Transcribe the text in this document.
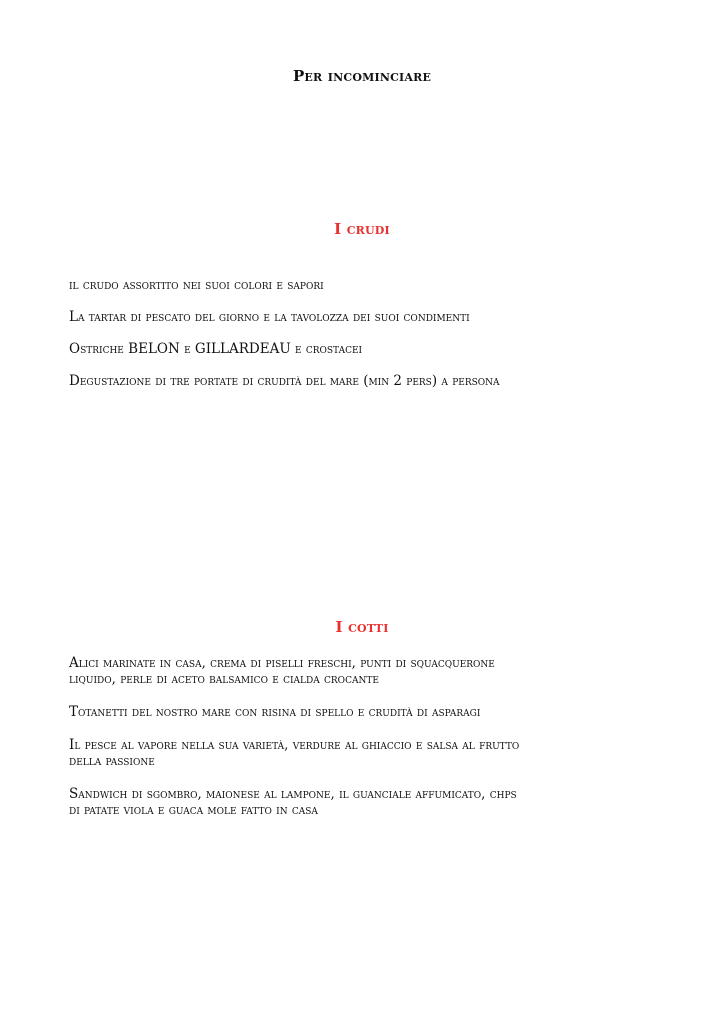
Per incominciare
I crudi
il crudo assortito nei suoi colori e sapori
La tartar di pescato del giorno e la tavolozza dei suoi condimenti
Ostriche BELON e GILLARDEAU e crostacei
Degustazione di tre portate di crudità del mare (min 2 pers) a persona
I cotti
Alici marinate in casa, crema di piselli freschi, punti di squacquerone
liquido, perle di aceto balsamico e cialda crocante
Totanetti del nostro mare con risina di spello e crudità di asparagi
Il pesce al vapore nella sua varietà, verdure al ghiaccio e salsa al frutto
della passione
Sandwich di sgombro, maionese al lampone, il guanciale affumicato, chps
di patate viola e guaca mole fatto in casa
